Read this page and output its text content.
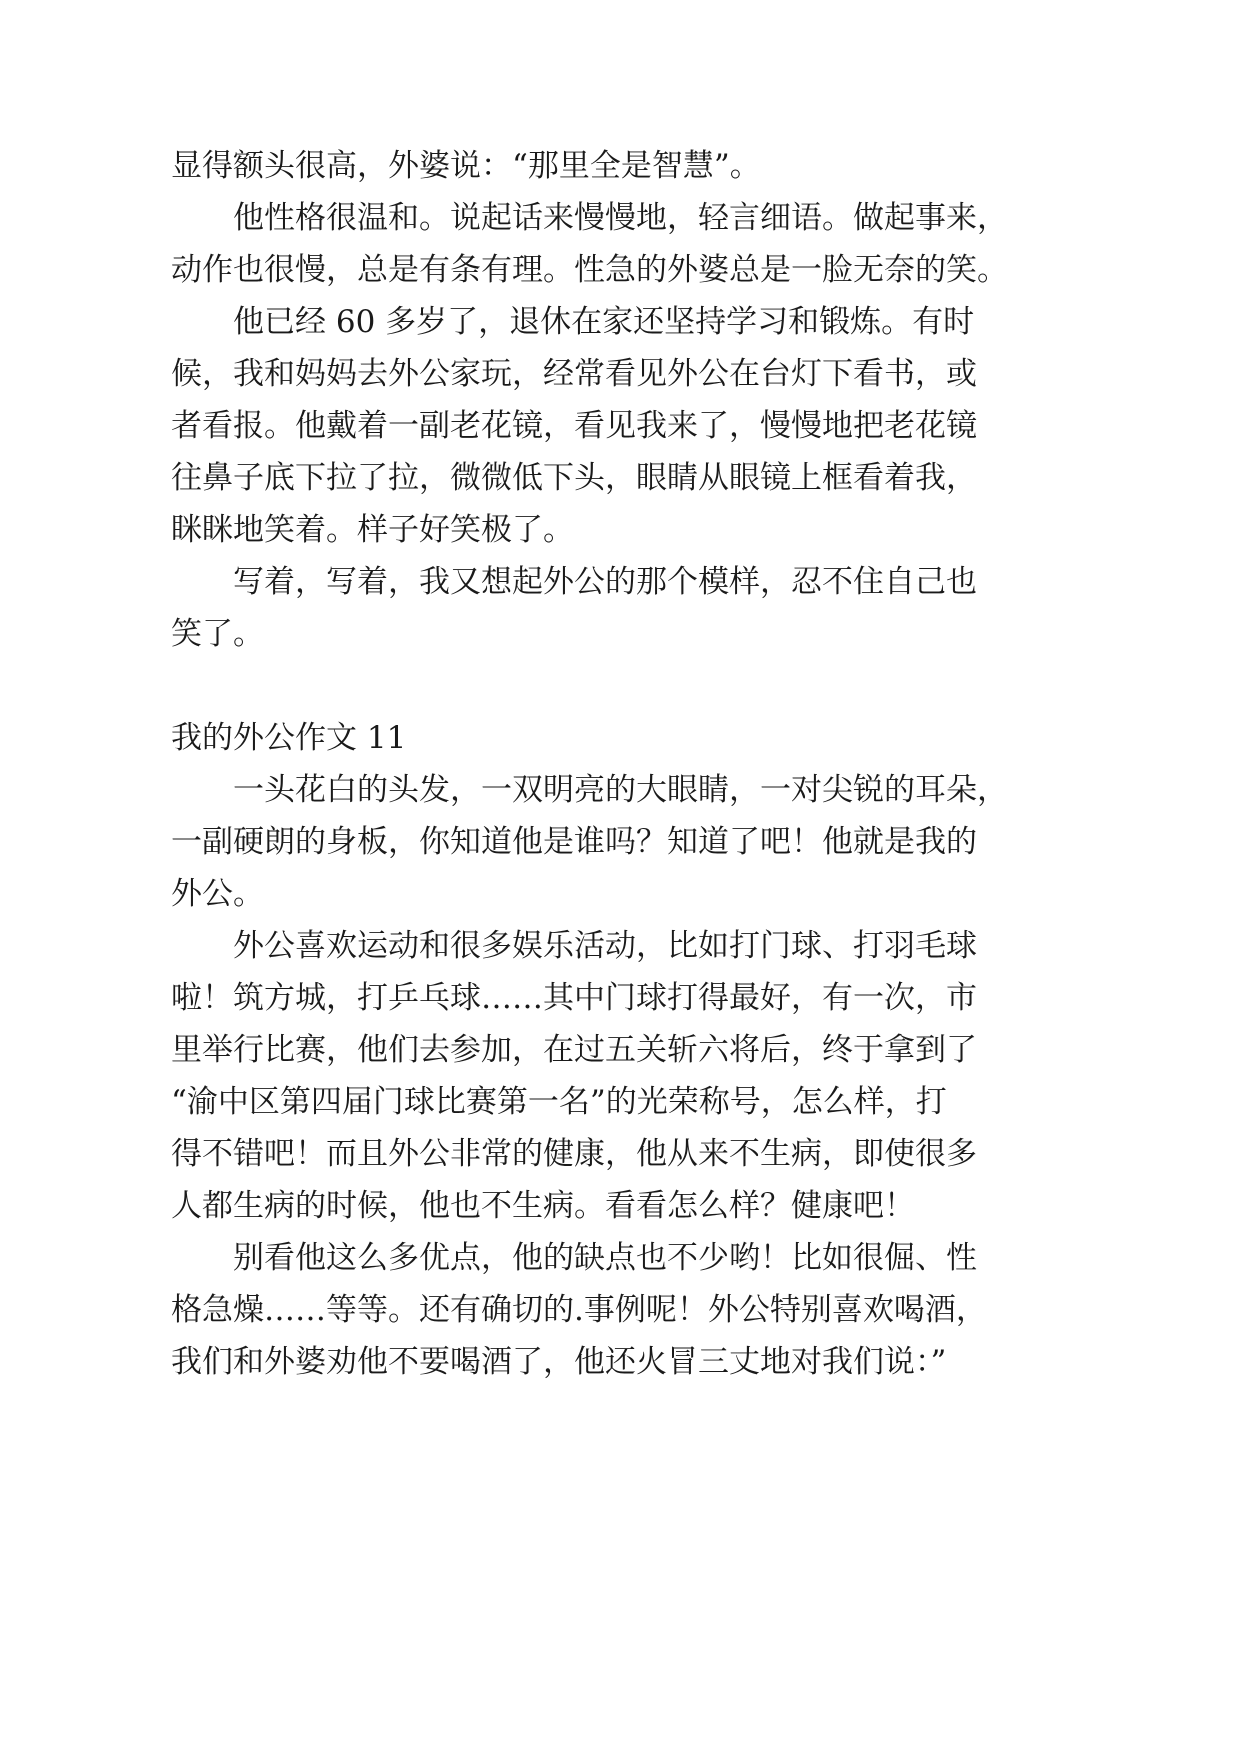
显得额头很高，外婆说：“那里全是智慧”。
他性格很温和。说起话来慢慢地，轻言细语。做起事来，
动作也很慢，总是有条有理。性急的外婆总是一脸无奈的笑。
他已经 60 多岁了，退休在家还坚持学习和锻炼。有时
候，我和妈妈去外公家玩，经常看见外公在台灯下看书，或
者看报。他戴着一副老花镜，看见我来了，慢慢地把老花镜
往鼻子底下拉了拉，微微低下头，眼睛从眼镜上框看着我，
眯眯地笑着。样子好笑极了。
写着，写着，我又想起外公的那个模样，忍不住自己也
笑了。
我的外公作文 11
一头花白的头发，一双明亮的大眼睛，一对尖锐的耳朵，
一副硬朗的身板，你知道他是谁吗？知道了吧！他就是我的
外公。
外公喜欢运动和很多娱乐活动，比如打门球、打羽毛球
啦！筑方城，打乒乓球……其中门球打得最好，有一次，市
里举行比赛，他们去参加，在过五关斩六将后，终于拿到了
“渝中区第四届门球比赛第一名”的光荣称号，怎么样，打
得不错吧！而且外公非常的健康，他从来不生病，即使很多
人都生病的时候，他也不生病。看看怎么样？健康吧！
别看他这么多优点，他的缺点也不少哟！比如很倔、性
格急燥……等等。还有确切的.事例呢！外公特别喜欢喝酒，
我们和外婆劝他不要喝酒了，他还火冒三丈地对我们说：”
